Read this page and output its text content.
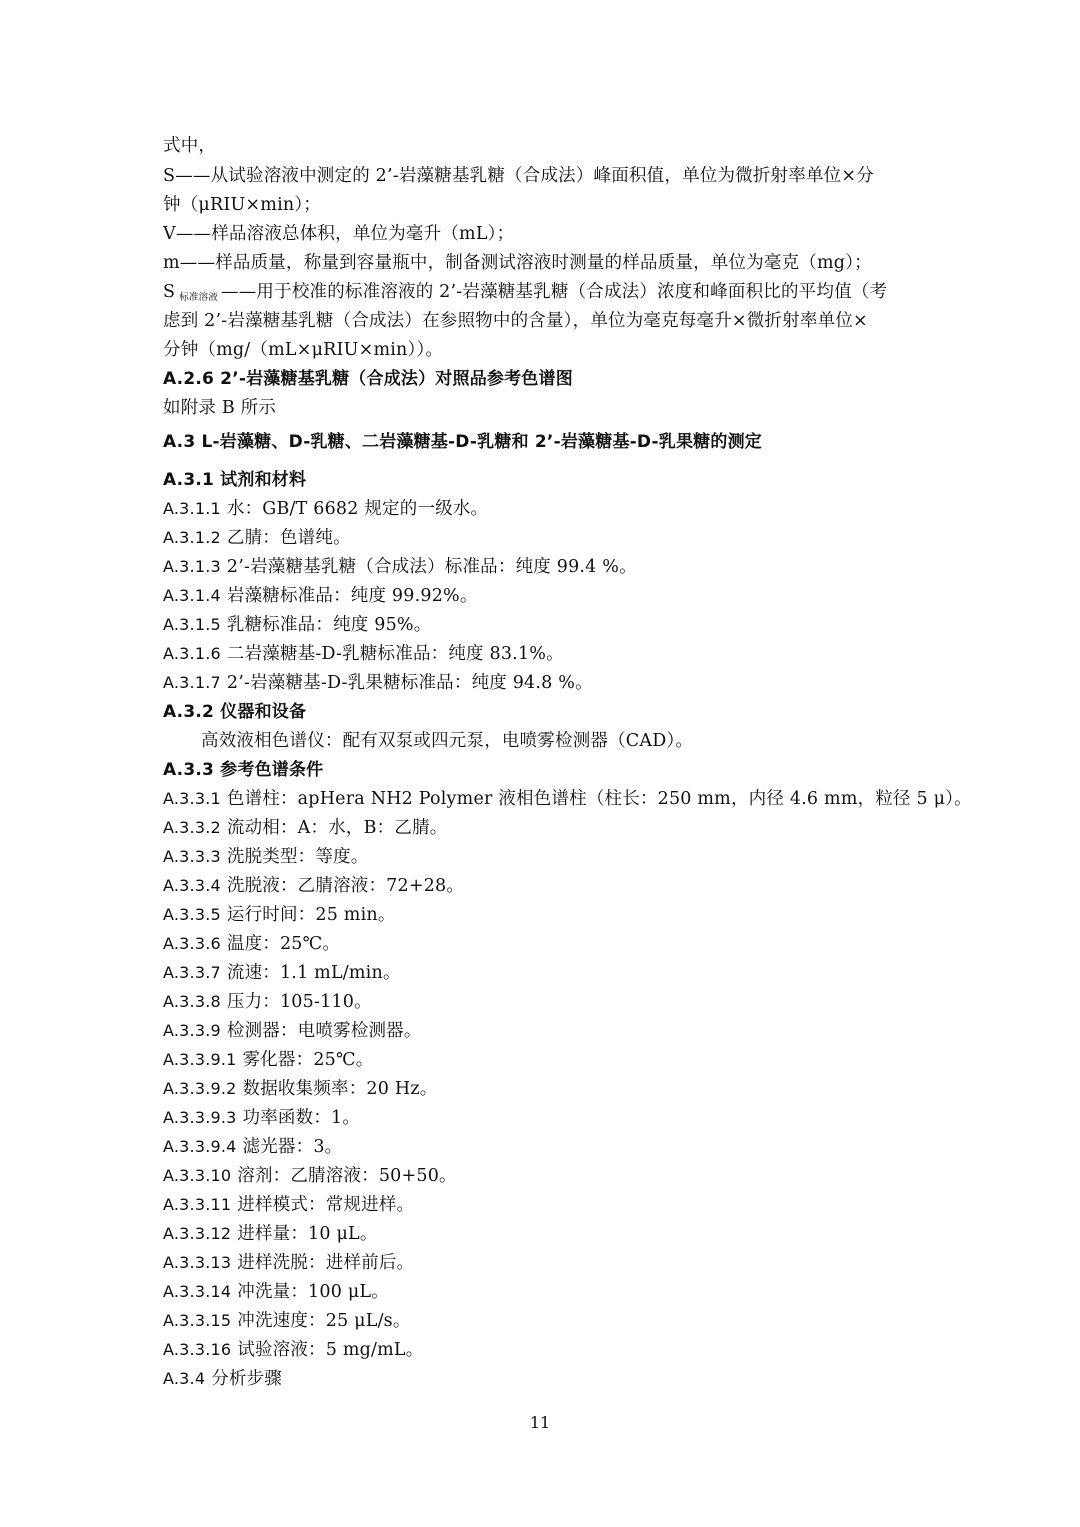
式中，
S——从试验溶液中测定的 2’-岩藻糖基乳糖（合成法）峰面积值，单位为微折射率单位×分
钟（μRIU×min）；
V——样品溶液总体积，单位为毫升（mL）；
m——样品质量，称量到容量瓶中，制备测试溶液时测量的样品质量，单位为毫克（mg）；
S $_{标准溶液}$ ——用于校准的标准溶液的 2’-岩藻糖基乳糖（合成法）浓度和峰面积比的平均值（考
虑到 2’-岩藻糖基乳糖（合成法）在参照物中的含量），单位为毫克每毫升×微折射率单位×
分钟（mg/（mL×μRIU×min））。
A.2.6 2’-岩藻糖基乳糖（合成法）对照品参考色谱图
如附录 B 所示
A.3 L-岩藻糖、D-乳糖、二岩藻糖基-D-乳糖和 2’-岩藻糖基-D-乳果糖的测定
A.3.1 试剂和材料
A.3.1.1 水：GB/T 6682 规定的一级水。
A.3.1.2 乙腈：色谱纯。
A.3.1.3 2’-岩藻糖基乳糖（合成法）标准品：纯度 99.4 %。
A.3.1.4 岩藻糖标准品：纯度 99.92%。
A.3.1.5 乳糖标准品：纯度 95%。
A.3.1.6 二岩藻糖基-D-乳糖标准品：纯度 83.1%。
A.3.1.7 2’-岩藻糖基-D-乳果糖标准品：纯度 94.8 %。
A.3.2 仪器和设备
高效液相色谱仪：配有双泵或四元泵，电喷雾检测器（CAD）。
A.3.3 参考色谱条件
A.3.3.1 色谱柱：apHera NH2 Polymer 液相色谱柱（柱长：250 mm，内径 4.6 mm，粒径 5 μ）。
A.3.3.2 流动相：A：水，B：乙腈。
A.3.3.3 洗脱类型：等度。
A.3.3.4 洗脱液：乙腈溶液：72+28。
A.3.3.5 运行时间：25 min。
A.3.3.6 温度：25℃。
A.3.3.7 流速：1.1 mL/min。
A.3.3.8 压力：105-110。
A.3.3.9 检测器：电喷雾检测器。
A.3.3.9.1 雾化器：25℃。
A.3.3.9.2 数据收集频率：20 Hz。
A.3.3.9.3 功率函数：1。
A.3.3.9.4 滤光器：3。
A.3.3.10 溶剂：乙腈溶液：50+50。
A.3.3.11 进样模式：常规进样。
A.3.3.12 进样量：10 μL。
A.3.3.13 进样洗脱：进样前后。
A.3.3.14 冲洗量：100 μL。
A.3.3.15 冲洗速度：25 μL/s。
A.3.3.16 试验溶液：5 mg/mL。
A.3.4 分析步骤
11
